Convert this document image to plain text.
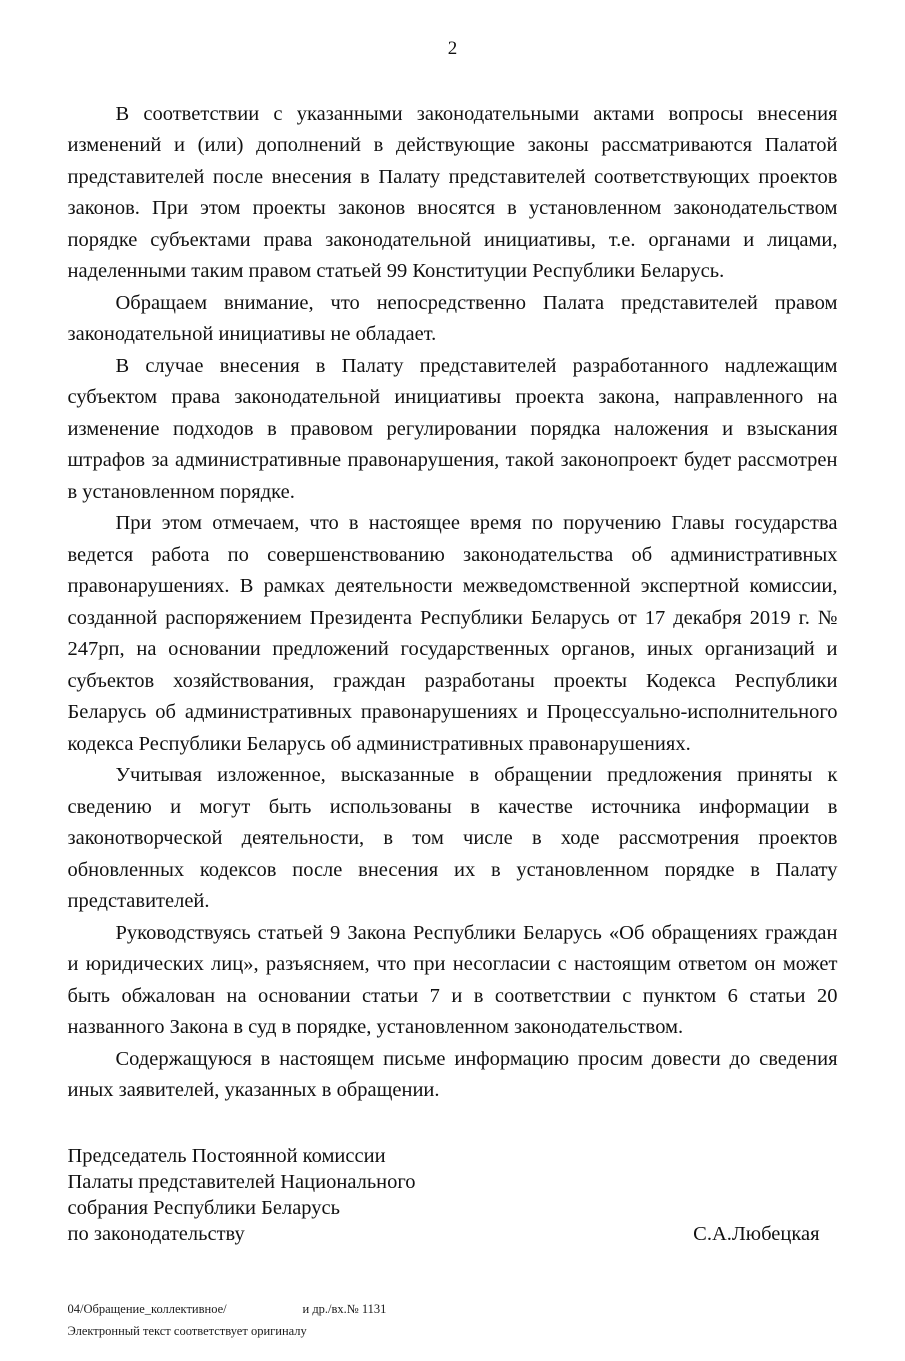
2

В соответствии с указанными законодательными актами вопросы внесения изменений и (или) дополнений в действующие законы рассматриваются Палатой представителей после внесения в Палату представителей соответствующих проектов законов. При этом проекты законов вносятся в установленном законодательством порядке субъектами права законодательной инициативы, т.е. органами и лицами, наделенными таким правом статьей 99 Конституции Республики Беларусь.

Обращаем внимание, что непосредственно Палата представителей правом законодательной инициативы не обладает.

В случае внесения в Палату представителей разработанного надлежащим субъектом права законодательной инициативы проекта закона, направленного на изменение подходов в правовом регулировании порядка наложения и взыскания штрафов за административные правонарушения, такой законопроект будет рассмотрен в установленном порядке.

При этом отмечаем, что в настоящее время по поручению Главы государства ведется работа по совершенствованию законодательства об административных правонарушениях. В рамках деятельности межведомственной экспертной комиссии, созданной распоряжением Президента Республики Беларусь от 17 декабря 2019 г. № 247рп, на основании предложений государственных органов, иных организаций и субъектов хозяйствования, граждан разработаны проекты Кодекса Республики Беларусь об административных правонарушениях и Процессуально-исполнительного кодекса Республики Беларусь об административных правонарушениях.

Учитывая изложенное, высказанные в обращении предложения приняты к сведению и могут быть использованы в качестве источника информации в законотворческой деятельности, в том числе в ходе рассмотрения проектов обновленных кодексов после внесения их в установленном порядке в Палату представителей.

Руководствуясь статьей 9 Закона Республики Беларусь «Об обращениях граждан и юридических лиц», разъясняем, что при несогласии с настоящим ответом он может быть обжалован на основании статьи 7 и в соответствии с пунктом 6 статьи 20 названного Закона в суд в порядке, установленном законодательством.

Содержащуюся в настоящем письме информацию просим довести до сведения иных заявителей, указанных в обращении.

Председатель Постоянной комиссии
Палаты представителей Национального
собрания Республики Беларусь
по законодательству	С.А.Любецкая
04/Обращение_коллективное/	и др./вх.№ 1131
Электронный текст соответствует оригиналу
